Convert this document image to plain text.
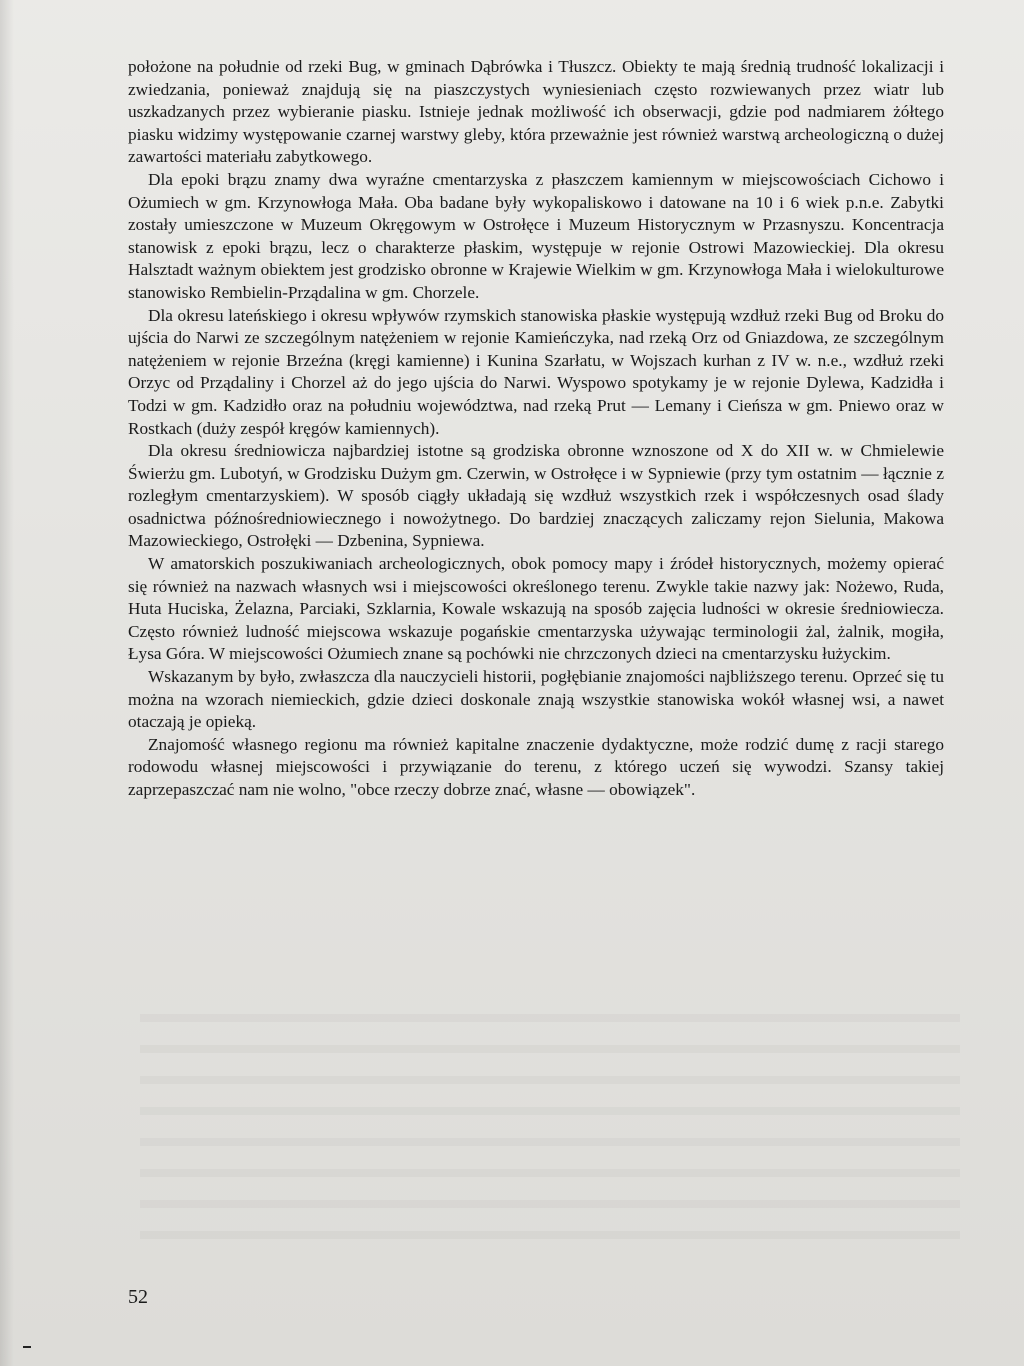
położone na południe od rzeki Bug, w gminach Dąbrówka i Tłuszcz. Obiekty te mają średnią trudność lokalizacji i zwiedzania, ponieważ znajdują się na piaszczystych wyniesieniach często rozwiewanych przez wiatr lub uszkadzanych przez wybieranie piasku. Istnieje jednak możliwość ich obserwacji, gdzie pod nadmiarem żółtego piasku widzimy występowanie czarnej warstwy gleby, która przeważnie jest również warstwą archeologiczną o dużej zawartości materiału zabytkowego.

Dla epoki brązu znamy dwa wyraźne cmentarzyska z płaszczem kamiennym w miejscowościach Cichowo i Ożumiech w gm. Krzynowłoga Mała. Oba badane były wykopaliskowo i datowane na 10 i 6 wiek p.n.e. Zabytki zostały umieszczone w Muzeum Okręgowym w Ostrołęce i Muzeum Historycznym w Przasnyszu. Koncentracja stanowisk z epoki brązu, lecz o charakterze płaskim, występuje w rejonie Ostrowi Mazowieckiej. Dla okresu Halsztadt ważnym obiektem jest grodzisko obronne w Krajewie Wielkim w gm. Krzynowłoga Mała i wielokulturowe stanowisko Rembielin-Prządalina w gm. Chorzele.

Dla okresu lateńskiego i okresu wpływów rzymskich stanowiska płaskie występują wzdłuż rzeki Bug od Broku do ujścia do Narwi ze szczególnym natężeniem w rejonie Kamieńczyka, nad rzeką Orz od Gniazdowa, ze szczególnym natężeniem w rejonie Brzeźna (kręgi kamienne) i Kunina Szarłatu, w Wojszach kurhan z IV w. n.e., wzdłuż rzeki Orzyc od Prządaliny i Chorzel aż do jego ujścia do Narwi. Wyspowo spotykamy je w rejonie Dylewa, Kadzidła i Todzi w gm. Kadzidło oraz na południu województwa, nad rzeką Prut — Lemany i Cieńsza w gm. Pniewo oraz w Rostkach (duży zespół kręgów kamiennych).

Dla okresu średniowicza najbardziej istotne są grodziska obronne wznoszone od X do XII w. w Chmielewie Świerżu gm. Lubotyń, w Grodzisku Dużym gm. Czerwin, w Ostrołęce i w Sypniewie (przy tym ostatnim — łącznie z rozległym cmentarzyskiem). W sposób ciągły układają się wzdłuż wszystkich rzek i współczesnych osad ślady osadnictwa późnośredniowiecznego i nowożytnego. Do bardziej znaczących zaliczamy rejon Sielunia, Makowa Mazowieckiego, Ostrołęki — Dzbenina, Sypniewa.

W amatorskich poszukiwaniach archeologicznych, obok pomocy mapy i źródeł historycznych, możemy opierać się również na nazwach własnych wsi i miejscowości określonego terenu. Zwykle takie nazwy jak: Nożewo, Ruda, Huta Huciska, Żelazna, Parciaki, Szklarnia, Kowale wskazują na sposób zajęcia ludności w okresie średniowiecza. Często również ludność miejscowa wskazuje pogańskie cmentarzyska używając terminologii żal, żalnik, mogiła, Łysa Góra. W miejscowości Ożumiech znane są pochówki nie chrzczonych dzieci na cmentarzysku łużyckim.

Wskazanym by było, zwłaszcza dla nauczycieli historii, pogłębianie znajomości najbliższego terenu. Oprzeć się tu można na wzorach niemieckich, gdzie dzieci doskonale znają wszystkie stanowiska wokół własnej wsi, a nawet otaczają je opieką.

Znajomość własnego regionu ma również kapitalne znaczenie dydaktyczne, może rodzić dumę z racji starego rodowodu własnej miejscowości i przywiązanie do terenu, z którego uczeń się wywodzi. Szansy takiej zaprzepaszczać nam nie wolno, "obce rzeczy dobrze znać, własne — obowiązek".

52
